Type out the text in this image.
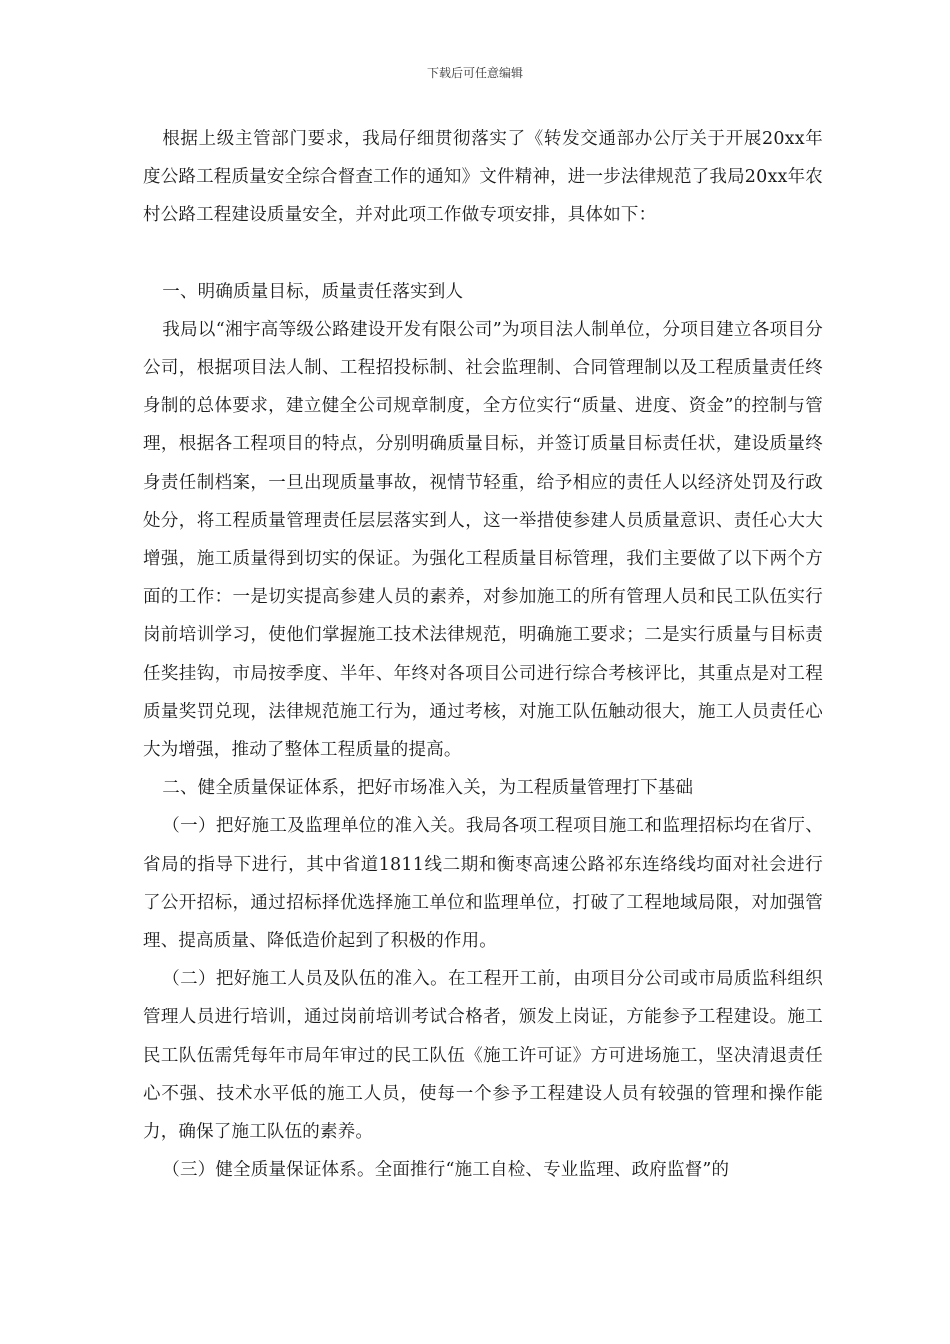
下载后可任意编辑

根据上级主管部门要求，我局仔细贯彻落实了《转发交通部办公厅关于开展20xx年度公路工程质量安全综合督查工作的通知》文件精神，进一步法律规范了我局20xx年农村公路工程建设质量安全，并对此项工作做专项安排，具体如下：

一、明确质量目标，质量责任落实到人

我局以“湘宇高等级公路建设开发有限公司”为项目法人制单位，分项目建立各项目分公司，根据项目法人制、工程招投标制、社会监理制、合同管理制以及工程质量责任终身制的总体要求，建立健全公司规章制度，全方位实行“质量、进度、资金”的控制与管理，根据各工程项目的特点，分别明确质量目标，并签订质量目标责任状，建设质量终身责任制档案，一旦出现质量事故，视情节轻重，给予相应的责任人以经济处罚及行政处分，将工程质量管理责任层层落实到人，这一举措使参建人员质量意识、责任心大大增强，施工质量得到切实的保证。为强化工程质量目标管理，我们主要做了以下两个方面的工作：一是切实提高参建人员的素养，对参加施工的所有管理人员和民工队伍实行岗前培训学习，使他们掌握施工技术法律规范，明确施工要求；二是实行质量与目标责任奖挂钩，市局按季度、半年、年终对各项目公司进行综合考核评比，其重点是对工程质量奖罚兑现，法律规范施工行为，通过考核，对施工队伍触动很大，施工人员责任心大为增强，推动了整体工程质量的提高。

二、健全质量保证体系，把好市场准入关，为工程质量管理打下基础

（一）把好施工及监理单位的准入关。我局各项工程项目施工和监理招标均在省厅、省局的指导下进行，其中省道1811线二期和衡枣高速公路祁东连络线均面对社会进行了公开招标，通过招标择优选择施工单位和监理单位，打破了工程地域局限，对加强管理、提高质量、降低造价起到了积极的作用。

（二）把好施工人员及队伍的准入。在工程开工前，由项目分公司或市局质监科组织管理人员进行培训，通过岗前培训考试合格者，颁发上岗证，方能参予工程建设。施工民工队伍需凭每年市局年审过的民工队伍《施工许可证》方可进场施工，坚决清退责任心不强、技术水平低的施工人员，使每一个参予工程建设人员有较强的管理和操作能力，确保了施工队伍的素养。

（三）健全质量保证体系。全面推行“施工自检、专业监理、政府监督”的
